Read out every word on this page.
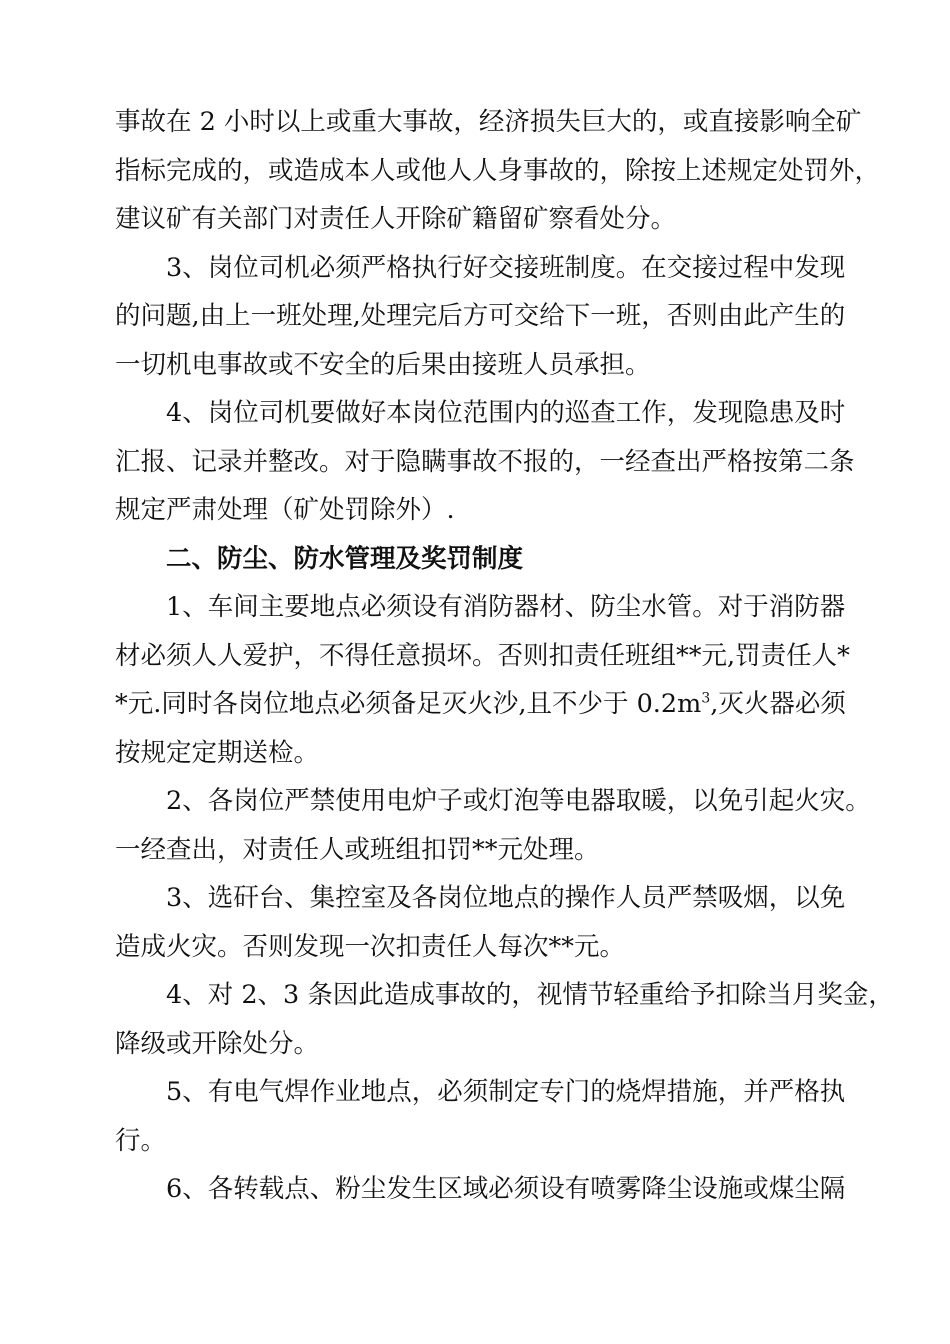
事故在 2 小时以上或重大事故，经济损失巨大的，或直接影响全矿
指标完成的，或造成本人或他人人身事故的，除按上述规定处罚外，
建议矿有关部门对责任人开除矿籍留矿察看处分。
3、岗位司机必须严格执行好交接班制度。在交接过程中发现
的问题,由上一班处理,处理完后方可交给下一班，否则由此产生的
一切机电事故或不安全的后果由接班人员承担。
4、岗位司机要做好本岗位范围内的巡查工作，发现隐患及时
汇报、记录并整改。对于隐瞒事故不报的，一经查出严格按第二条
规定严肃处理（矿处罚除外）.
二、防尘、防水管理及奖罚制度
1、车间主要地点必须设有消防器材、防尘水管。对于消防器
材必须人人爱护，不得任意损坏。否则扣责任班组**元,罚责任人*
*元.同时各岗位地点必须备足灭火沙,且不少于 $0.2m^3$,灭火器必须
按规定定期送检。
2、各岗位严禁使用电炉子或灯泡等电器取暖，以免引起火灾。
一经查出，对责任人或班组扣罚**元处理。
3、选矸台、集控室及各岗位地点的操作人员严禁吸烟，以免
造成火灾。否则发现一次扣责任人每次**元。
4、对 2、3 条因此造成事故的，视情节轻重给予扣除当月奖金，
降级或开除处分。
5、有电气焊作业地点，必须制定专门的烧焊措施，并严格执
行。
6、各转载点、粉尘发生区域必须设有喷雾降尘设施或煤尘隔
